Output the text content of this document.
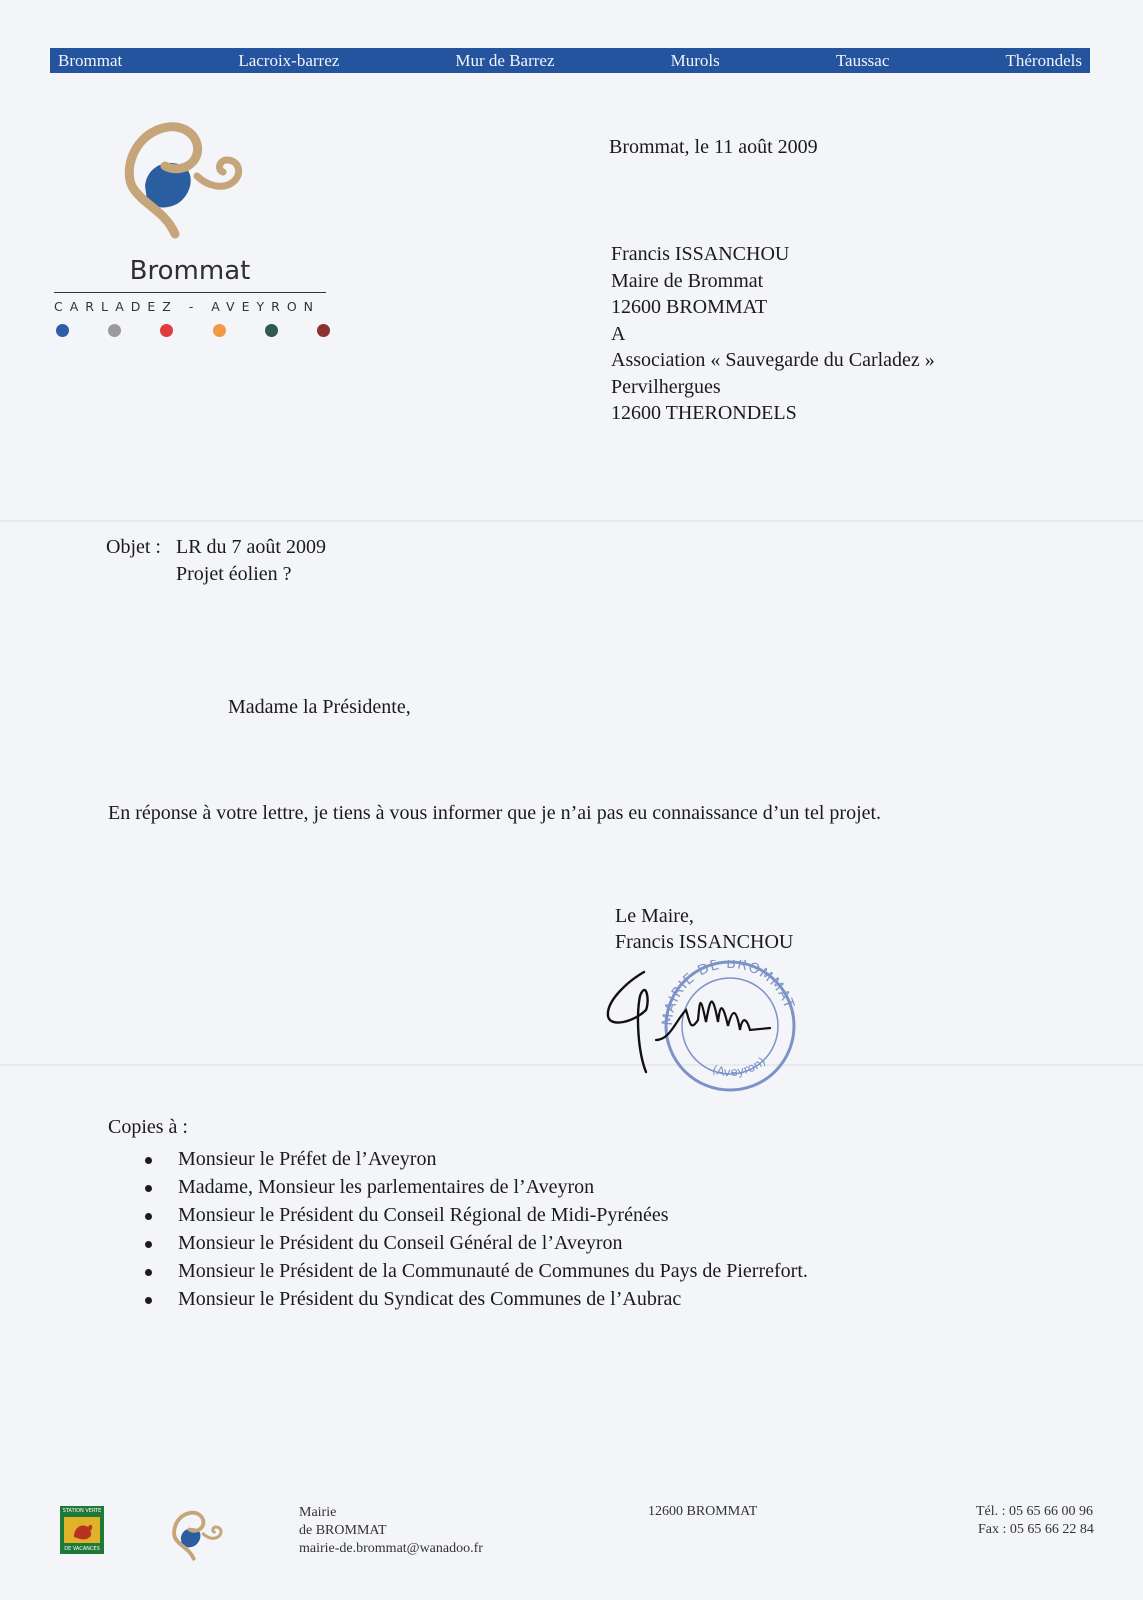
Brommat	Lacroix-barrez	Mur de Barrez	Murols	Taussac	Thérondels
Brommat
CARLADEZ - AVEYRON
Brommat, le 11 août 2009
Francis ISSANCHOU
Maire de Brommat
12600 BROMMAT
A
Association « Sauvegarde du Carladez »
Pervilhergues
12600 THERONDELS
Objet : LR du 7 août 2009
Projet éolien ?
Madame la Présidente,
En réponse à votre lettre, je tiens à vous informer que je n’ai pas eu connaissance d’un tel projet.
Le Maire,
Francis ISSANCHOU
MAIRIE DE BROMMAT
(Aveyron)
Copies à :
Monsieur le Préfet de l’Aveyron
Madame, Monsieur les parlementaires de l’Aveyron
Monsieur le Président du Conseil Régional de Midi-Pyrénées
Monsieur le Président du Conseil Général de l’Aveyron
Monsieur le Président de la Communauté de Communes du Pays de Pierrefort.
Monsieur le Président du Syndicat des Communes de l’Aubrac
STATION VERTE
DE VACANCES
Mairie
de BROMMAT
mairie-de.brommat@wanadoo.fr
12600 BROMMAT	Tél. : 05 65 66 00 96
Fax : 05 65 66 22 84
